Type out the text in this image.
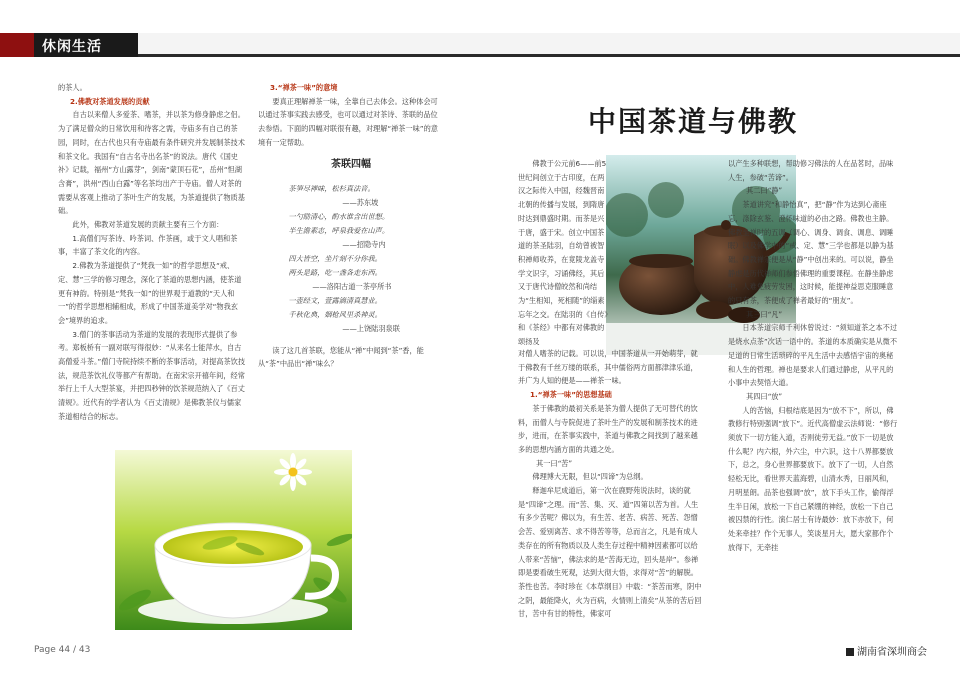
休闲生活

的茶人。

2.佛教对茶道发展的贡献

自古以来僧人多爱茶、嗜茶，并以茶为修身静虑之侣。为了满足僧众的日常饮用和待客之需，寺庙多有自己的茶园，同时，在古代也只有寺庙最有条件研究并发展制茶技术和茶文化。我国有“自古名寺出名茶”的说法。唐代《国史补》记载，福州“方山露芽”，剑南“蒙顶石花”，岳州“怛湖含膏”，洪州“西山白露”等名茶均出产于寺庙。僧人对茶的需要从客观上推动了茶叶生产的发展，为茶道提供了物质基础。

此外，佛教对茶道发展的贡献主要有三个方面：

1.高僧们写茶诗、吟茶词、作茶画，或于文人唱和茶事，丰富了茶文化的内容。

2.佛教为茶道提供了“梵我一如”的哲学思想及“戒、定、慧”三学的修习理念，深化了茶道的思想内涵，使茶道更有神韵。特别是“梵我一如”的世界观于道教的“天人和一”的哲学思想相辅相成，形成了中国茶道美学对“物我玄会”境界的追求。

3.僧门的茶事活动为茶道的发展的表现形式提供了参考。郑板桥有一副对联写得很妙：“从来名士能萍水，自古高僧爱斗茶。”僧门寺院持续不断的茶事活动，对提高茶饮技法，规范茶饮礼仪等都产有帮助。在南宋宗开禧年间，经常举行上千人大型茶宴，并把四秒钟的饮茶规范纳入了《百丈清规》。近代有的学者认为《百丈清规》是佛教茶仪与儒家茶道相结合的标志。

3.“禅茶一味”的意境

要真正理解禅茶一味，全靠自己去体会。这种体会可以通过茶事实践去感受，也可以通过对茶诗、茶联的品位去参悟。下面的四幅对联很有趣，对理解“禅茶一味”的意境有一定帮助。

茶联四幅

茶笋尽禅味，松杉真法音。

——苏东坡

一勺励清心，酌水谁含出世想。

半生澹素志，呼泉我爱在山声。

——招隐寺内

四大皆空，坐片刻不分你我。

两头是路，吃一盏各走东西。

——洛阳古道一茶亭所书

一壶经文，萱露滴清真慧业。

千秋化典，姻枪风里杀神灵。

——上饶陆羽泉联

读了这几首茶联，您能从“禅”中闻到“茶”香，能从“茶”中品出“禅”味么？

中国茶道与佛教

佛教于公元前6——前5世纪间创立于古印度，在两汉之际传入中国，经魏晋南北朝的传播与发展，到隋唐时达到鼎盛时期。而茶是兴于唐，盛于宋。创立中国茶道的茶圣陆羽，自幼曾被智积禅师收养，在竟陵龙盖寺学文识字，习诵佛经，其后又于唐代诗僧皎然和尚结为“生相知，死相随”的缁素忘年之交。在陆羽的《自传》和《茶经》中都有对佛教的颂扬及

对僧人嗜茶的记载。可以说，中国茶道从一开始萌芽，就于佛教有千丝万缕的联系，其中儒俗两方面都津津乐道，并广为人知的便是——禅茶一味。

1.“禅茶一味”的思想基础

茶于佛教的最初关系是茶为僧人提供了无可替代的饮料，而僧人与寺院促进了茶叶生产的发展和制茶技术的进步，进而，在茶事实践中，茶道与佛教之间找到了越来越多的思想内涵方面的共通之处。

其一曰“苦”

佛理博大无限，但以“四谛”为总纲。

释迦牟尼成道后，第一次在鹿野苑说法时，谈的就是“四谛”之理。而“苦、集、灭、道”四第以苦为首。人生有多少苦呢？佛以为，有生苦、老苦、病苦、死苦、怨憎会苦、爱别离苦、求不得苦等等，总而言之，凡是有成人类存在的所有物质以及人类生存过程中精神因素都可以给人带来“苦恼”，佛法求的是“苦海无边，回头是岸”。参禅即是要看破生死观，达到大彻大悟，求得对“苦”的解脱。茶性也苦。李时珍在《本草纲目》中载：“茶苦而寒，阴中之阴，最能降火，火为百病，火情则上清矣”从茶的苦后回甘，苦中有甘的特性，佛家可

以产生多种联想，帮助修习佛法的人在品茗时，品味人生，参破“苦谛”。

其二曰“静”

茶道讲究“和静怡真”，把“静”作为达到心斋座忘，涤除玄鉴、澄怀味道的必由之路。佛教也主静。佛教坐禅时的五调（调心、调身、调食、调息、调睡眠）以及佛学中的“戒、定、慧”三学也都是以静为基础。佛教禅宗便是从“静”中创出来的。可以说，静坐静虑是历代禅师们参悟佛理的重要课程。在静坐静虑中，人难免疲劳发困，这时候，能提神益思克服睡意的只有茶，茶便成了禅者最好的“朋友”。

其三曰“凡”

日本茶道宗师千利休曾说过：“须知道茶之本不过是烧水点茶”次话一语中的。茶道的本质确实是从微不足道的日常生活琐碎的平凡生活中去感悟宇宙的奥秘和人生的哲理。禅也是要求人们通过静虑，从平凡的小事中去契悟大道。

其四曰“放”

人的苦恼，归根结底是因为“放不下”，所以，佛教修行特别强调“放下”。近代高僧虚云法师说：“修行须放下一切方能入道，否则徒劳无益。”放下一切是放什么呢？内六根，外六尘，中六识，这十八界都要放下，总之，身心世界都要放下。放下了一切，人自然轻松无比，看世界天蓝海碧，山清水秀，日丽风和，月明星朗。品茶也强调“放”，放下手头工作，偷得浮生半日闲，放松一下自己紧绷的神经，放松一下自己被囚禁的行性。演仁居士有诗最妙：放下亦放下，何处来牵挂？作个无事人，笑谈星月大，愿大家都作个放得下，无牵挂

Page 44 / 43	湖南省深圳商会
